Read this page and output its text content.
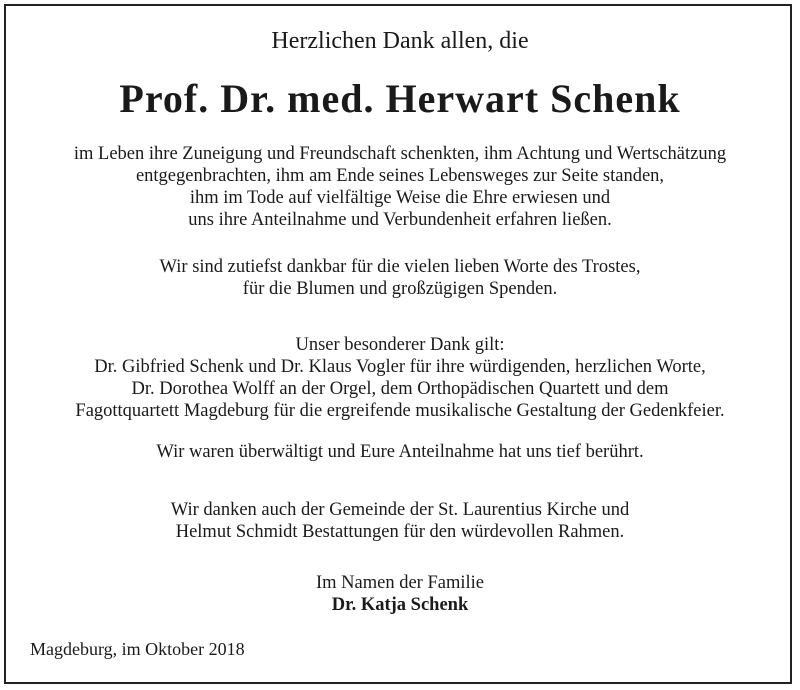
Herzlichen Dank allen, die
Prof. Dr. med. Herwart Schenk
im Leben ihre Zuneigung und Freundschaft schenkten, ihm Achtung und Wertschätzung
entgegenbrachten, ihm am Ende seines Lebensweges zur Seite standen,
ihm im Tode auf vielfältige Weise die Ehre erwiesen und
uns ihre Anteilnahme und Verbundenheit erfahren ließen.
Wir sind zutiefst dankbar für die vielen lieben Worte des Trostes,
für die Blumen und großzügigen Spenden.
Unser besonderer Dank gilt:
Dr. Gibfried Schenk und Dr. Klaus Vogler für ihre würdigenden, herzlichen Worte,
Dr. Dorothea Wolff an der Orgel, dem Orthopädischen Quartett und dem
Fagottquartett Magdeburg für die ergreifende musikalische Gestaltung der Gedenkfeier.
Wir waren überwältigt und Eure Anteilnahme hat uns tief berührt.
Wir danken auch der Gemeinde der St. Laurentius Kirche und
Helmut Schmidt Bestattungen für den würdevollen Rahmen.
Im Namen der Familie
Dr. Katja Schenk
Magdeburg, im Oktober 2018
